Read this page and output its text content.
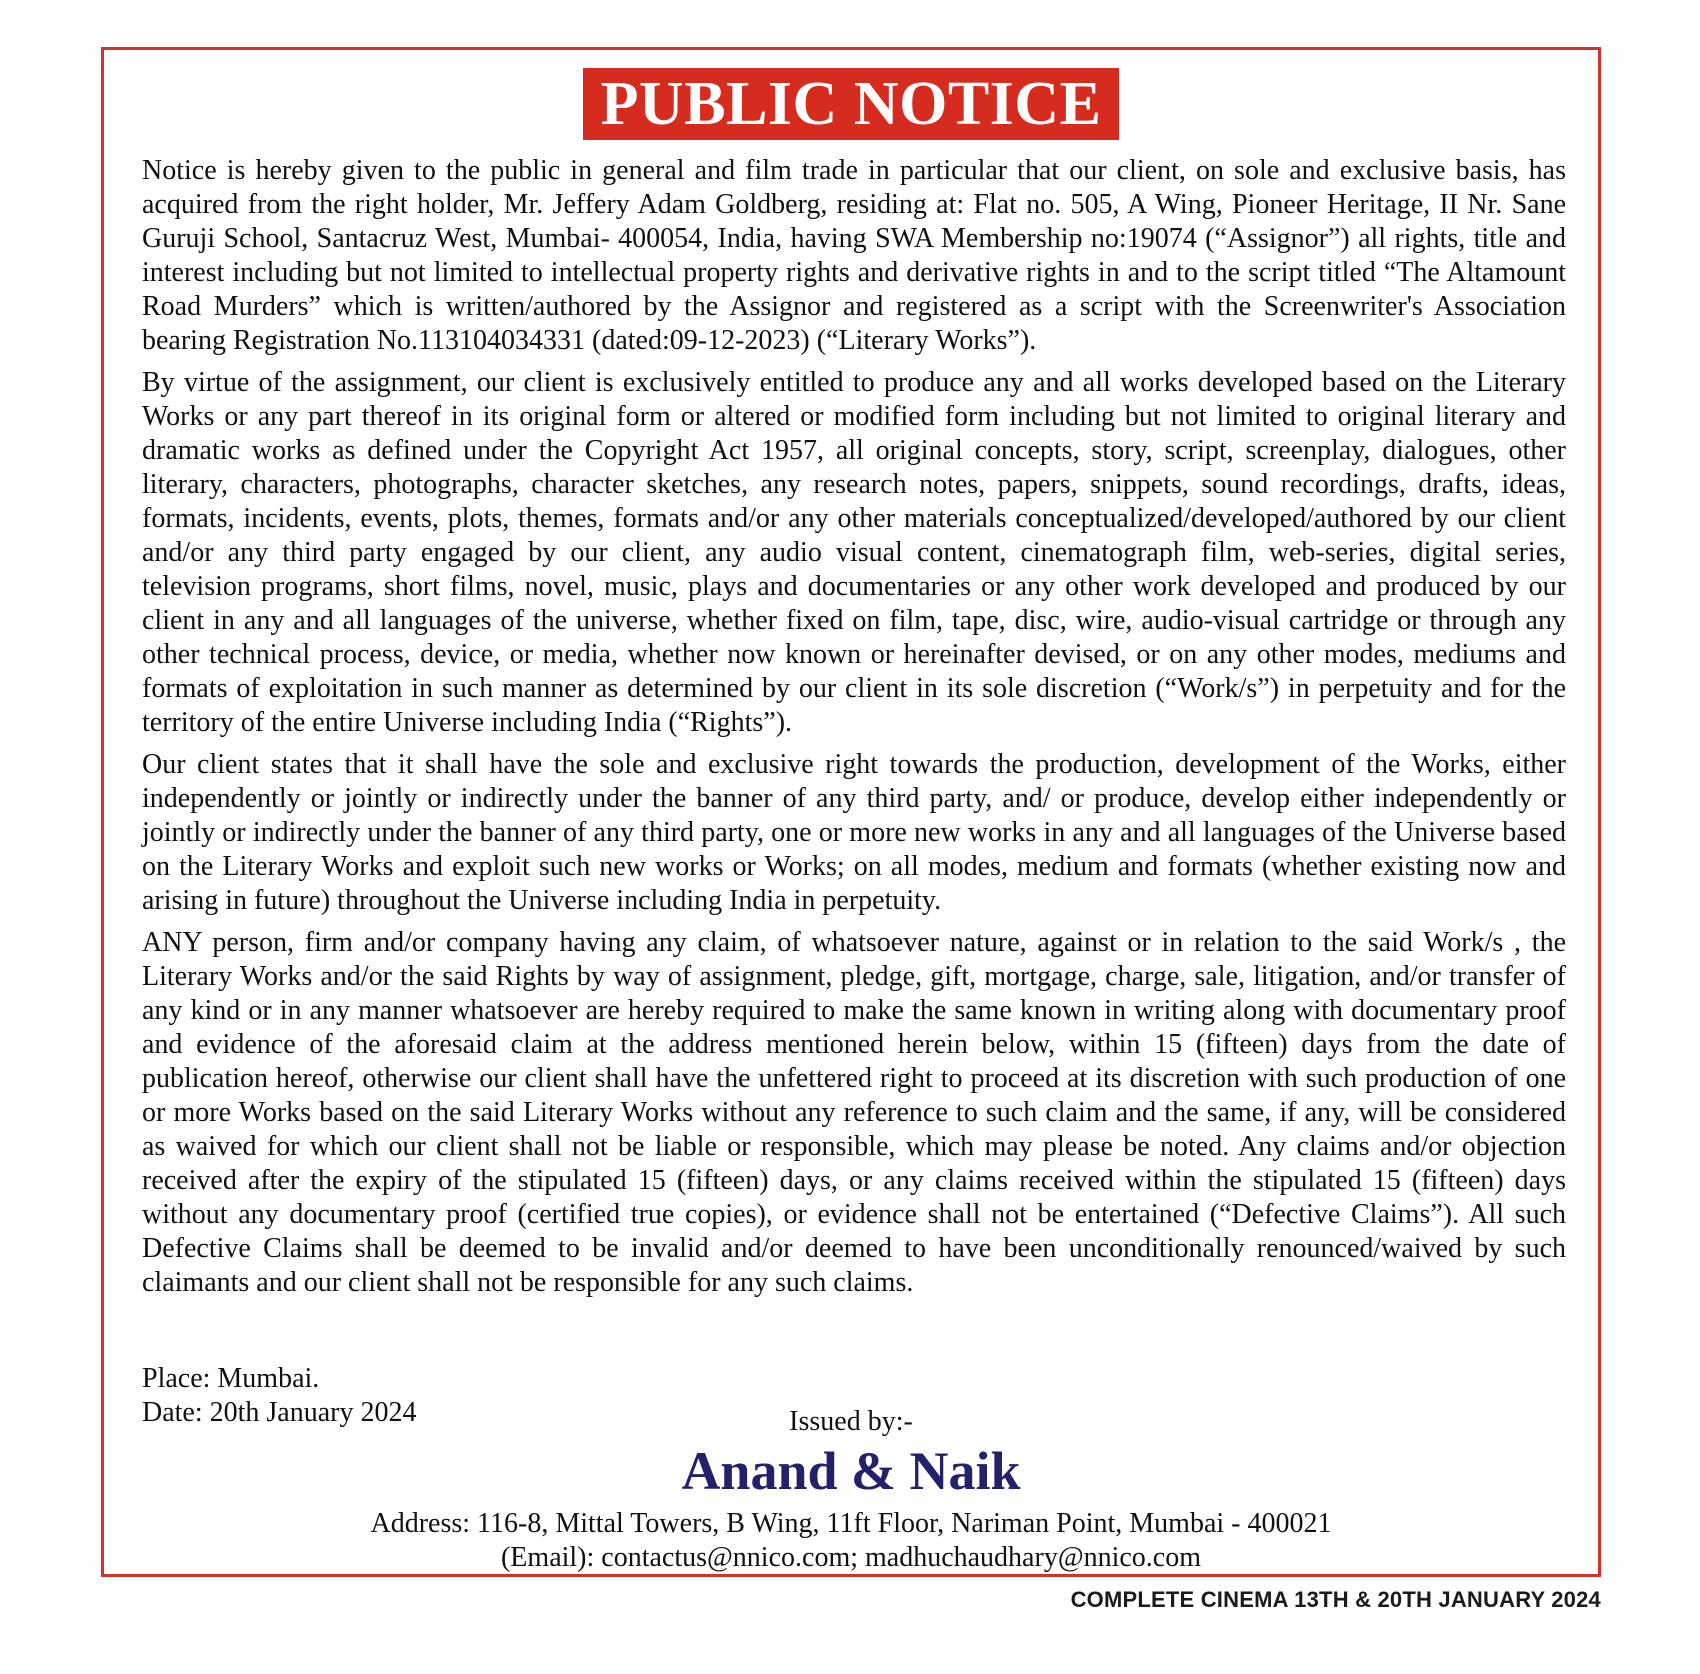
PUBLIC NOTICE

Notice is hereby given to the public in general and film trade in particular that our client, on sole and exclusive basis, has acquired from the right holder, Mr. Jeffery Adam Goldberg, residing at: Flat no. 505, A Wing, Pioneer Heritage, II Nr. Sane Guruji School, Santacruz West, Mumbai- 400054, India, having SWA Membership no:19074 (“Assignor”) all rights, title and interest including but not limited to intellectual property rights and derivative rights in and to the script titled “The Altamount Road Murders” which is written/authored by the Assignor and registered as a script with the Screenwriter's Association bearing Registration No.113104034331 (dated:09-12-2023) (“Literary Works”).

By virtue of the assignment, our client is exclusively entitled to produce any and all works developed based on the Literary Works or any part thereof in its original form or altered or modified form including but not limited to original literary and dramatic works as defined under the Copyright Act 1957, all original concepts, story, script, screenplay, dialogues, other literary, characters, photographs, character sketches, any research notes, papers, snippets, sound recordings, drafts, ideas, formats, incidents, events, plots, themes, formats and/or any other materials conceptualized/developed/authored by our client and/or any third party engaged by our client, any audio visual content, cinematograph film, web-series, digital series, television programs, short films, novel, music, plays and documentaries or any other work developed and produced by our client in any and all languages of the universe, whether fixed on film, tape, disc, wire, audio-visual cartridge or through any other technical process, device, or media, whether now known or hereinafter devised, or on any other modes, mediums and formats of exploitation in such manner as determined by our client in its sole discretion (“Work/s”) in perpetuity and for the territory of the entire Universe including India (“Rights”).

Our client states that it shall have the sole and exclusive right towards the production, development of the Works, either independently or jointly or indirectly under the banner of any third party, and/ or produce, develop either independently or jointly or indirectly under the banner of any third party, one or more new works in any and all languages of the Universe based on the Literary Works and exploit such new works or Works; on all modes, medium and formats (whether existing now and arising in future) throughout the Universe including India in perpetuity.

ANY person, firm and/or company having any claim, of whatsoever nature, against or in relation to the said Work/s , the Literary Works and/or the said Rights by way of assignment, pledge, gift, mortgage, charge, sale, litigation, and/or transfer of any kind or in any manner whatsoever are hereby required to make the same known in writing along with documentary proof and evidence of the aforesaid claim at the address mentioned herein below, within 15 (fifteen) days from the date of publication hereof, otherwise our client shall have the unfettered right to proceed at its discretion with such production of one or more Works based on the said Literary Works without any reference to such claim and the same, if any, will be considered as waived for which our client shall not be liable or responsible, which may please be noted. Any claims and/or objection received after the expiry of the stipulated 15 (fifteen) days, or any claims received within the stipulated 15 (fifteen) days without any documentary proof (certified true copies), or evidence shall not be entertained (“Defective Claims”). All such Defective Claims shall be deemed to be invalid and/or deemed to have been unconditionally renounced/waived by such claimants and our client shall not be responsible for any such claims.

Place: Mumbai.
Date: 20th January 2024	Issued by:-
Anand & Naik
Address: 116-8, Mittal Towers, B Wing, 11ft Floor, Nariman Point, Mumbai - 400021
(Email): contactus@nnico.com; madhuchaudhary@nnico.com
COMPLETE CINEMA 13TH & 20TH JANUARY 2024
